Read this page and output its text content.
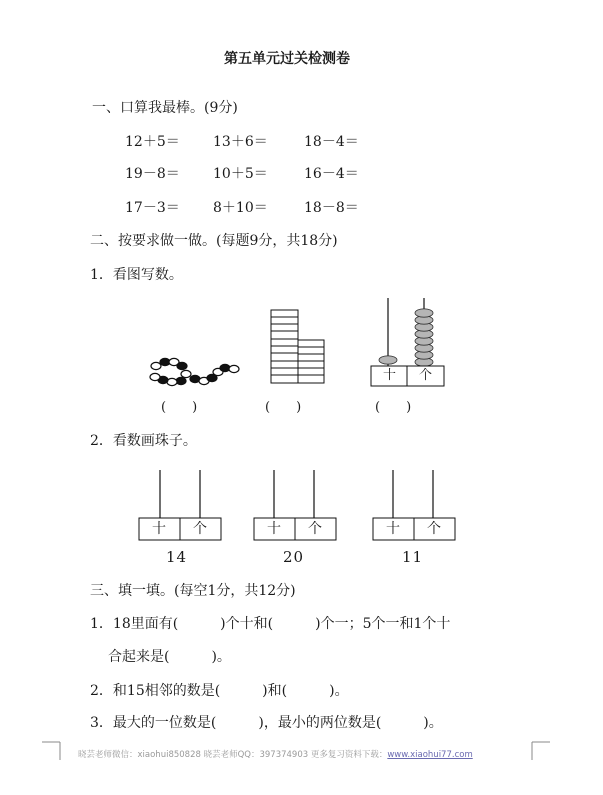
第五单元过关检测卷
一、口算我最棒。(9分)
12＋5＝ 13＋6＝	18－4＝
19－8＝ 10＋5＝	16－4＝
17－3＝ 8＋10＝	18－8＝
二、按要求做一做。(每题9分，共18分)
1．看图写数。
十 个
(　　)	(　　)	(　　)
2．看数画珠子。
十 个	十 个	十 个
14	20	11
三、填一填。(每空1分，共12分)
1．18里面有(　　　)个十和(　　　)个一；5个一和1个十
合起来是(　　　)。
2．和15相邻的数是(　　　)和(　　　)。
3．最大的一位数是(　　　)，最小的两位数是(　　　)。
晓芸老师微信：xiaohui850828 晓芸老师QQ：397374903 更多复习资料下载：www.xiaohui77.com
